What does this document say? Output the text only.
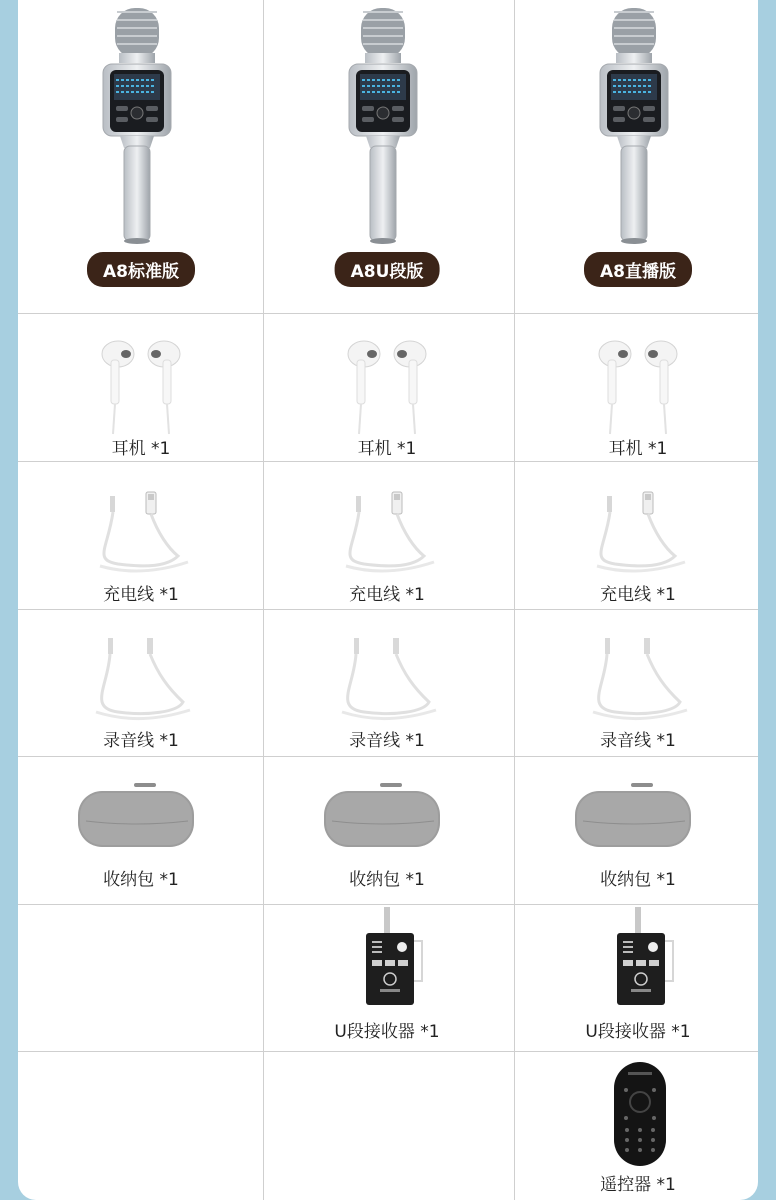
A8标准版
耳机 *1
充电线 *1
录音线 *1
收纳包 *1
A8U段版
耳机 *1
充电线 *1
录音线 *1
收纳包 *1
U段接收器 *1
A8直播版
耳机 *1
充电线 *1
录音线 *1
收纳包 *1
U段接收器 *1
遥控器 *1
